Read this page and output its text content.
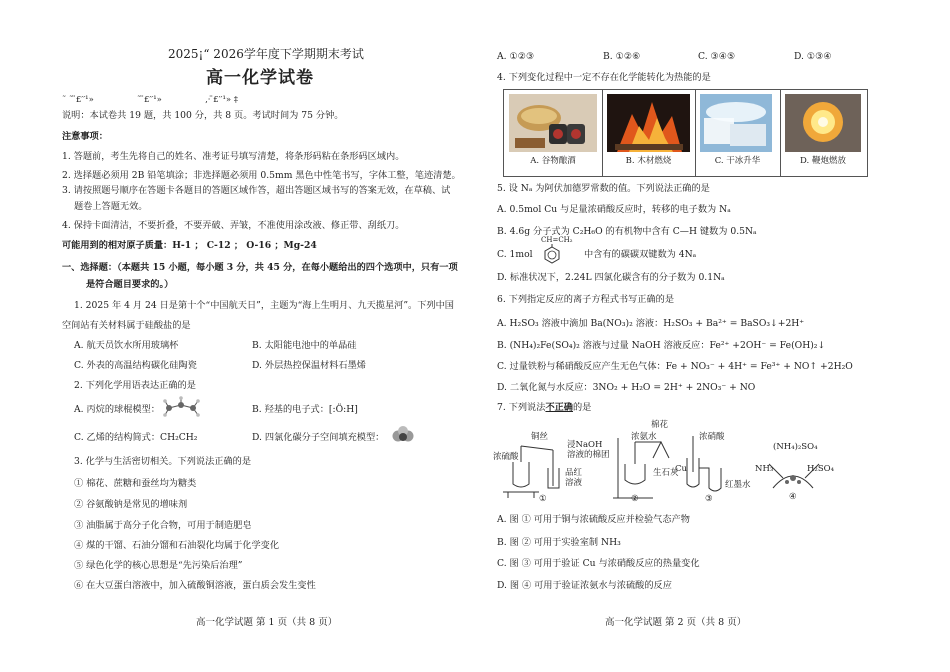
2025¡“ 2026学年度下学期期末考试
高一化学试卷
˜ ˜ ̈£′′¹»                ˜ ̈£′′¹»                ‚· ̈£′′¹» ‡
说明：本试卷共 19 题，共 100 分，共 8 页。考试时间为 75 分钟。
注意事项：
1. 答题前，考生先将自己的姓名、准考证号填写清楚，将条形码粘在条形码区域内。
2. 选择题必须用 2B 铅笔填涂；非选择题必须用 0.5mm 黑色中性笔书写，字体工整，笔迹清楚。
3. 请按照题号顺序在答题卡各题目的答题区域作答，超出答题区域书写的答案无效，在草稿、试
题卷上答题无效。
4. 保持卡面清洁，不要折叠，不要弄破、弄皱，不准使用涂改液、修正带、刮纸刀。
可能用到的相对原子质量：H-1 ； C-12 ； O-16 ；Mg-24
一、选择题：（本题共 15 小题，每小题 3 分，共 45 分，在每小题给出的四个选项中，只有一项
是符合题目要求的。）
1. 2025 年 4 月 24 日是第十个“中国航天日”，主题为“海上生明月、九天揽星河”。下列中国
空间站有关材料属于硅酸盐的是
A. 航天员饮水所用玻璃杯	B. 太阳能电池中的单晶硅
C. 外表的高温结构碳化硅陶瓷	D. 外层热控保温材料石墨烯
2. 下列化学用语表达正确的是
A. 丙烷的球棍模型：	B. 羟基的电子式：[:Ö:H]
C. 乙烯的结构简式：CH₂CH₂	D. 四氯化碳分子空间填充模型：
3. 化学与生活密切相关。下列说法正确的是
① 棉花、蔗糖和蚕丝均为糖类
② 谷氨酸钠是常见的增味剂
③ 油脂属于高分子化合物，可用于制造肥皂
④ 煤的干馏、石油分馏和石油裂化均属于化学变化
⑤ 绿色化学的核心思想是“先污染后治理”
⑥ 在大豆蛋白溶液中，加入硫酸铜溶液，蛋白质会发生变性
高一化学试题 第 1 页（共 8 页）
A. ①②③	B. ①②⑥	C. ③④⑤	D. ①③④
4. 下列变化过程中一定不存在化学能转化为热能的是
A. 谷物酿酒	B. 木材燃烧	C. 干冰升华	D. 鞭炮燃放
5. 设 Nₐ 为阿伏加德罗常数的值。下列说法正确的是
A. 0.5mol Cu 与足量浓硝酸反应时，转移的电子数为 Nₐ
B. 4.6g 分子式为 C₂H₆O 的有机物中含有 C—H 键数为 0.5Nₐ
C. 1mol
CH=CH₂
中含有的碳碳双键数为 4Nₐ
D. 标准状况下，2.24L 四氯化碳含有的分子数为 0.1Nₐ
6. 下列指定反应的离子方程式书写正确的是
A. H₂SO₃ 溶液中滴加 Ba(NO₃)₂ 溶液：H₂SO₃ + Ba²⁺ = BaSO₃↓+2H⁺
B. (NH₄)₂Fe(SO₄)₂ 溶液与过量 NaOH 溶液反应：Fe²⁺ +2OH⁻ = Fe(OH)₂↓
C. 过量铁粉与稀硝酸反应产生无色气体：Fe + NO₃⁻ + 4H⁺ = Fe³⁺ + NO↑ +2H₂O
D. 二氧化氮与水反应：3NO₂ + H₂O = 2H⁺ + 2NO₃⁻ + NO
7. 下列说法不正确的是
铜丝
浸NaOH
溶液的棉团
浓硫酸
品红
溶液
棉花
浓氨水
生石灰
浓硝酸
Cu
红墨水
(NH₄)₂SO₄
NH₃	H₂SO₄
①	②	③	④
A. 图 ① 可用于铜与浓硫酸反应并检验气态产物
B. 图 ② 可用于实验室制 NH₃
C. 图 ③ 可用于验证 Cu 与浓硝酸反应的热量变化
D. 图 ④ 可用于验证浓氨水与浓硫酸的反应
高一化学试题 第 2 页（共 8 页）
